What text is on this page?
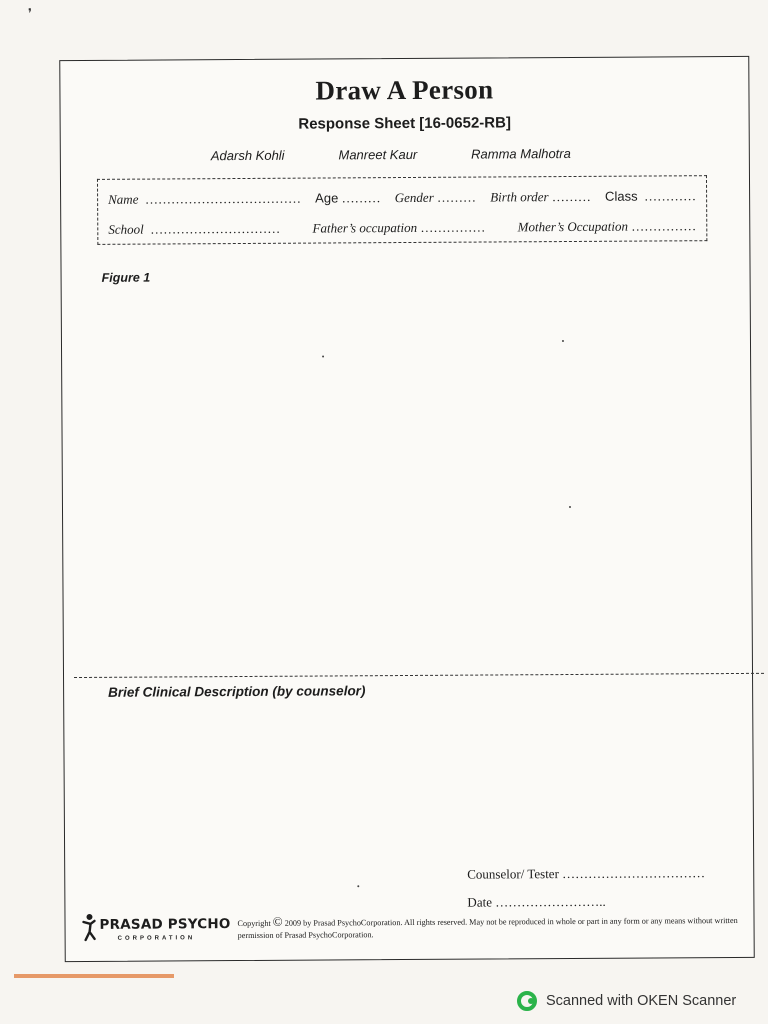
❜
Draw A Person
Response Sheet [16-0652-RB]
Adarsh Kohli	Manreet Kaur	Ramma Malhotra
Name ……………………………… Age ……… Gender ……… Birth order ……… Class …………
School ………………………… Father’s occupation …………… Mother’s Occupation ……………
Figure 1
Brief Clinical Description (by counselor)
Counselor/ Tester ……………………………
Date ……………………..
PRASAD PSYCHO
CORPORATION
Copyright © 2009 by Prasad PsychoCorporation. All rights reserved. May not be reproduced in whole or part in any form or any means without written permission of Prasad PsychoCorporation.
Scanned with OKEN Scanner
